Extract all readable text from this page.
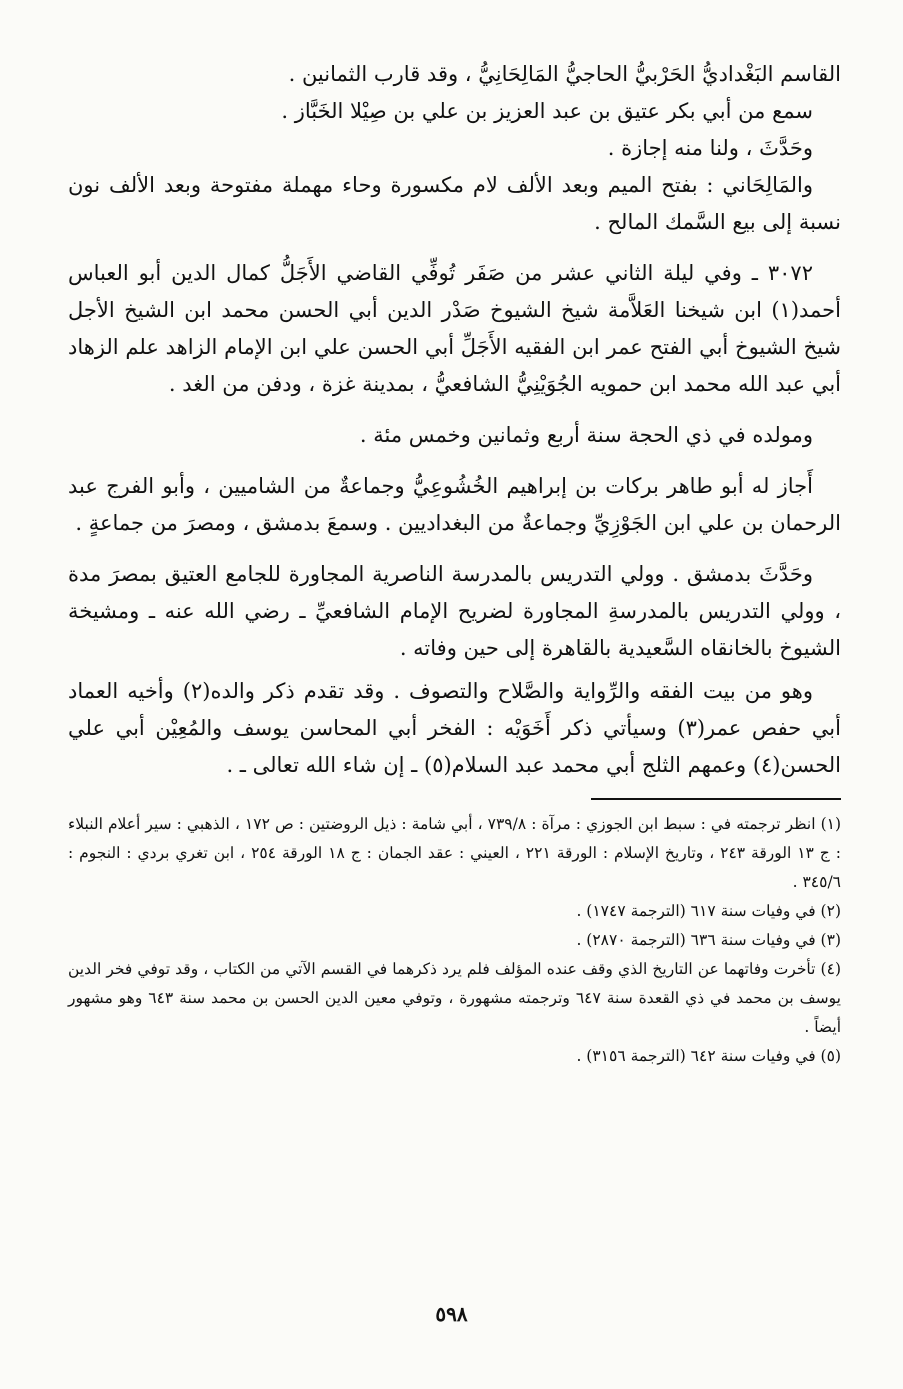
القاسم البَغْداديُّ الحَرْبيُّ الحاجيُّ المَالِحَانِيُّ ، وقد قارب الثمانين .

سمع من أبي بكر عتيق بن عبد العزيز بن علي بن صِيْلا الخَبَّاز .

وحَدَّثَ ، ولنا منه إجازة .

والمَالِحَاني : بفتح الميم وبعد الألف لام مكسورة وحاء مهملة مفتوحة وبعد الألف نون نسبة إلى بيع السَّمك المالح .

٣٠٧٢ ـ وفي ليلة الثاني عشر من صَفَر تُوفِّي القاضي الأَجَلُّ كمال الدين أبو العباس أحمد(١) ابن شيخنا العَلاَّمة شيخ الشيوخ صَدْر الدين أبي الحسن محمد ابن الشيخ الأجل شيخ الشيوخ أبي الفتح عمر ابن الفقيه الأَجَلِّ أبي الحسن علي ابن الإمام الزاهد علم الزهاد أبي عبد الله محمد ابن حمويه الجُوَيْنِيُّ الشافعيُّ ، بمدينة غزة ، ودفن من الغد .

ومولده في ذي الحجة سنة أربع وثمانين وخمس مئة .

أَجاز له أبو طاهر بركات بن إبراهيم الخُشُوعِيُّ وجماعةٌ من الشاميين ، وأبو الفرج عبد الرحمان بن علي ابن الجَوْزِيِّ وجماعةٌ من البغداديين . وسمعَ بدمشق ، ومصرَ من جماعةٍ .

وحَدَّثَ بدمشق . وولي التدريس بالمدرسة الناصرية المجاورة للجامع العتيق بمصرَ مدة ، وولي التدريس بالمدرسةِ المجاورة لضريح الإمام الشافعيِّ ـ رضي الله عنه ـ ومشيخة الشيوخ بالخانقاه السَّعيدية بالقاهرة إلى حين وفاته .

وهو من بيت الفقه والرِّواية والصَّلاح والتصوف . وقد تقدم ذكر والده(٢) وأخيه العماد أبي حفص عمر(٣) وسيأتي ذكر أَخَوَيْه : الفخر أبي المحاسن يوسف والمُعِيْن أبي علي الحسن(٤) وعمهم الثلج أبي محمد عبد السلام(٥) ـ إن شاء الله تعالى ـ .

(١) انظر ترجمته في : سبط ابن الجوزي : مرآة : ٧٣٩/٨ ، أبي شامة : ذيل الروضتين : ص ١٧٢ ، الذهبي : سير أعلام النبلاء : ج ١٣ الورقة ٢٤٣ ، وتاريخ الإسلام : الورقة ٢٢١ ، العيني : عقد الجمان : ج ١٨ الورقة ٢٥٤ ، ابن تغري بردي : النجوم : ٣٤٥/٦ .

(٢) في وفيات سنة ٦١٧ (الترجمة ١٧٤٧) .

(٣) في وفيات سنة ٦٣٦ (الترجمة ٢٨٧٠) .

(٤) تأخرت وفاتهما عن التاريخ الذي وقف عنده المؤلف فلم يرد ذكرهما في القسم الآتي من الكتاب ، وقد توفي فخر الدين يوسف بن محمد في ذي القعدة سنة ٦٤٧ وترجمته مشهورة ، وتوفي معين الدين الحسن بن محمد سنة ٦٤٣ وهو مشهور أيضاً .

(٥) في وفيات سنة ٦٤٢ (الترجمة ٣١٥٦) .

٥٩٨
